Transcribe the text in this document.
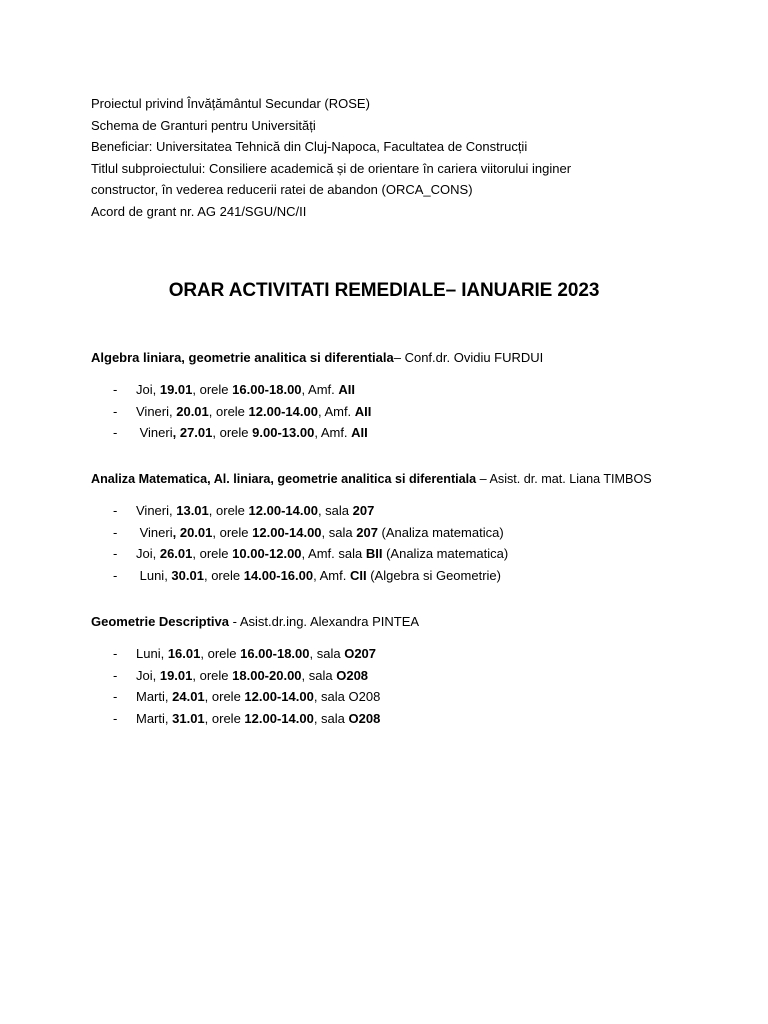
Proiectul privind Învățământul Secundar (ROSE)
Schema de Granturi pentru Universități
Beneficiar: Universitatea Tehnică din Cluj-Napoca, Facultatea de Construcții
Titlul subproiectului: Consiliere academică și de orientare în cariera viitorului inginer
constructor, în vederea reducerii ratei de abandon (ORCA_CONS)
Acord de grant nr. AG 241/SGU/NC/II
ORAR ACTIVITATI REMEDIALE– IANUARIE 2023
Algebra liniara, geometrie analitica si diferentiala– Conf.dr. Ovidiu FURDUI
- Joi, 19.01, orele 16.00-18.00, Amf. AII
- Vineri, 20.01, orele 12.00-14.00, Amf. AII
- Vineri, 27.01, orele 9.00-13.00, Amf. AII
Analiza Matematica, Al. liniara, geometrie analitica si diferentiala – Asist. dr. mat. Liana TIMBOS
- Vineri, 13.01, orele 12.00-14.00, sala 207
- Vineri, 20.01, orele 12.00-14.00, sala 207 (Analiza matematica)
- Joi, 26.01, orele 10.00-12.00, Amf. sala BII (Analiza matematica)
- Luni, 30.01, orele 14.00-16.00, Amf. CII (Algebra si Geometrie)
Geometrie Descriptiva - Asist.dr.ing. Alexandra PINTEA
- Luni, 16.01, orele 16.00-18.00, sala O207
- Joi, 19.01, orele 18.00-20.00, sala O208
- Marti, 24.01, orele 12.00-14.00, sala O208
- Marti, 31.01, orele 12.00-14.00, sala O208
